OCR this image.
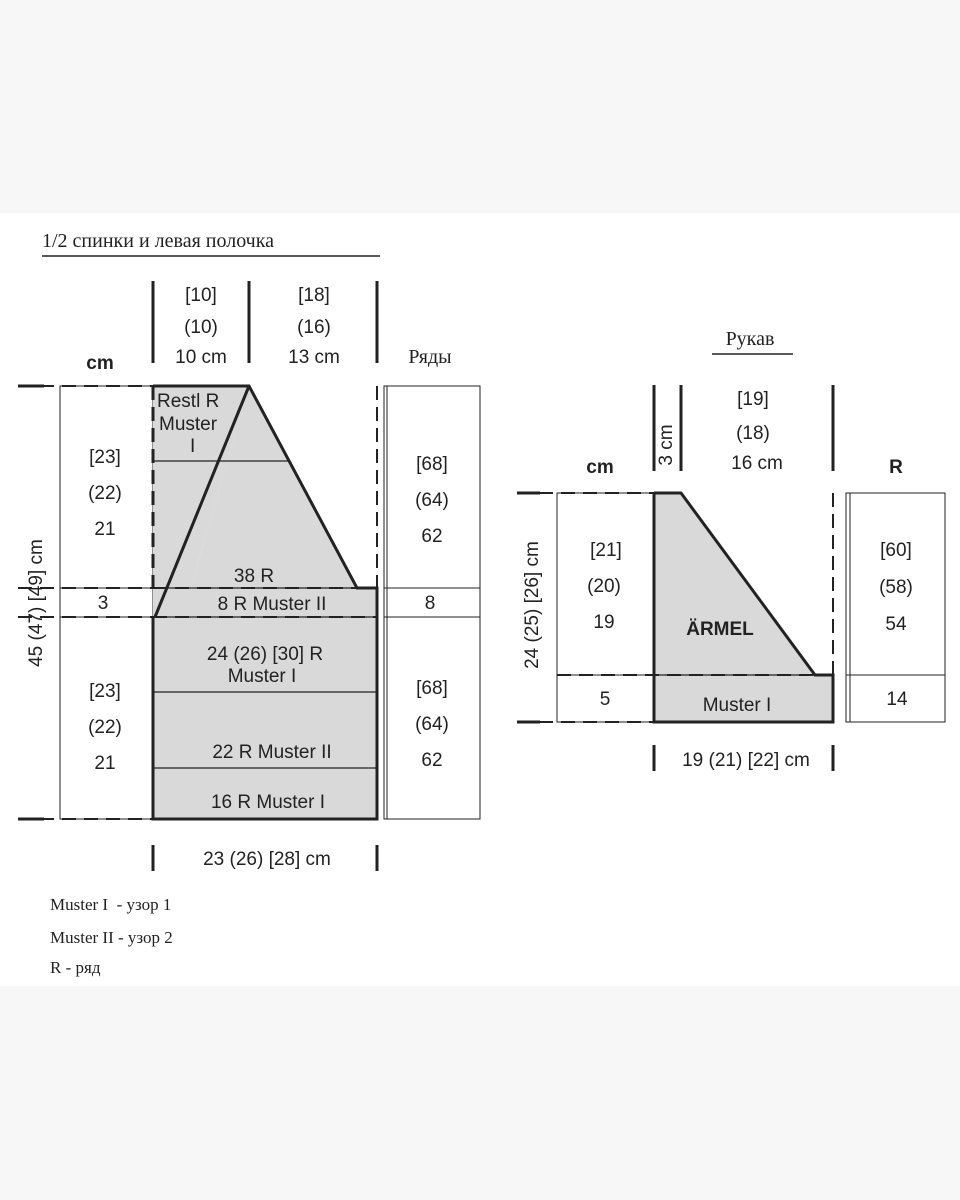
1/2 спинки и левая полочка
[10]
(10)
10 cm
[18]
(16)
13 cm
cm	Ряды
45 (47) [49] cm
[23]
(22)
21
3
[23]
(22)
21
[68]
(64)
62
8
[68]
(64)
62
Restl R
Muster
I
38 R
8 R Muster II
24 (26) [30] R
Muster I
22 R Muster II
16 R Muster I
23 (26) [28] cm
Рукав
3 cm
[19]
(18)
16 cm
cm	R
24 (25) [26] cm [21]
(20)
19
5
[60]
(58)
54
14
ÄRMEL
Muster I
19 (21) [22] cm
Muster I  - узор 1
Muster II - узор 2
R - ряд
